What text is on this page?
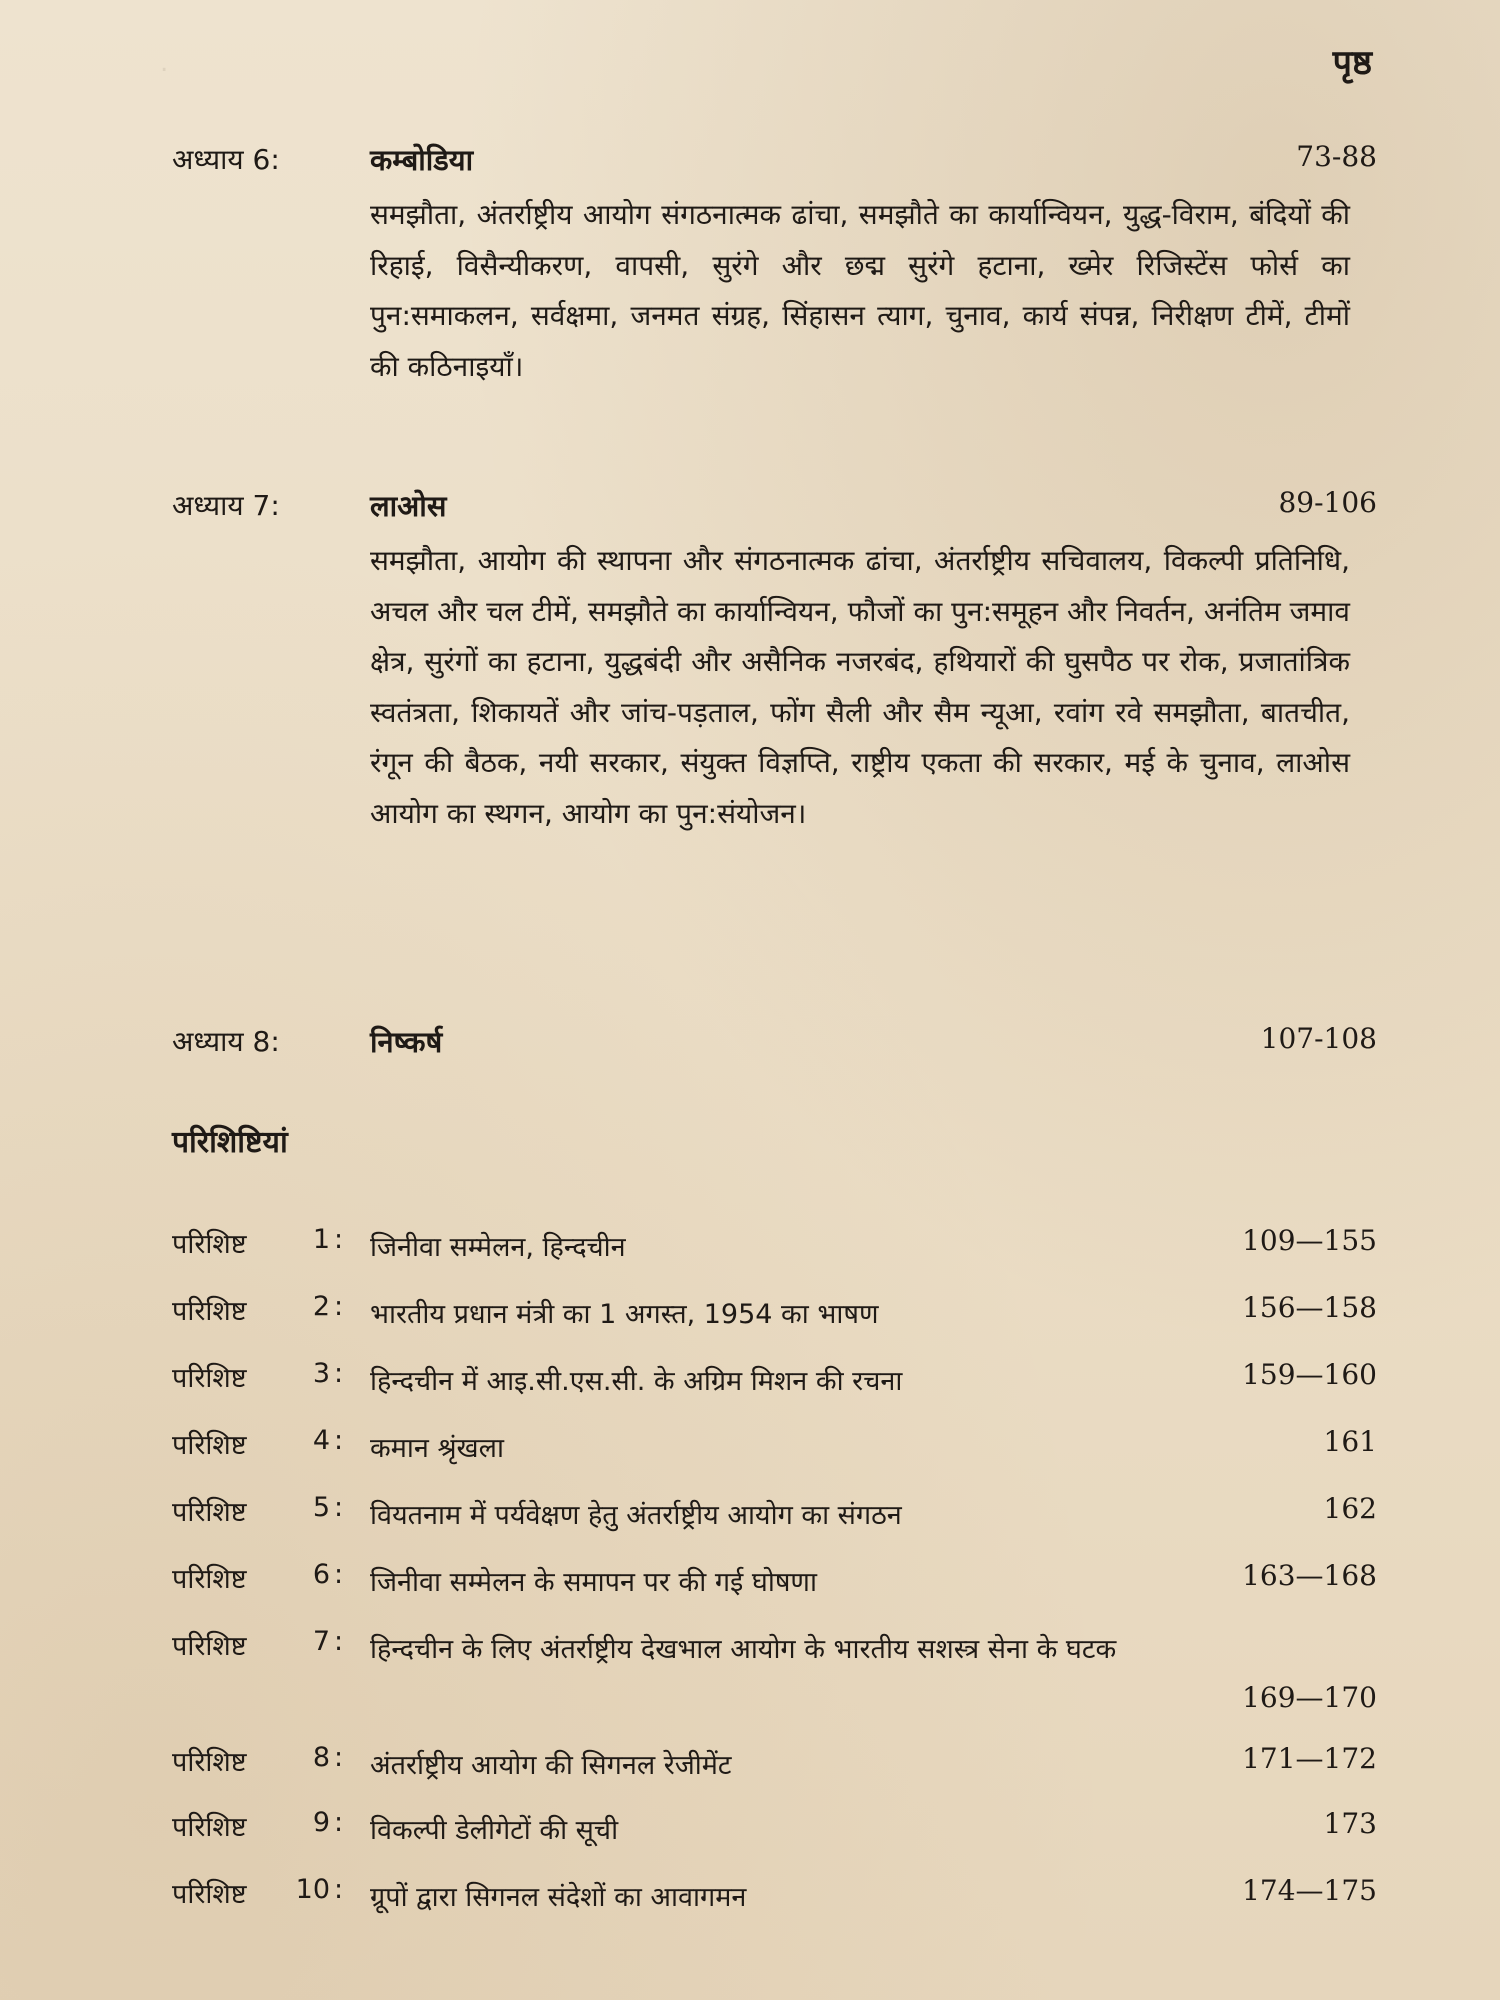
.	पृष्ठ
अध्याय 6:	कम्बोडिया	73-88
समझौता, अंतर्राष्ट्रीय आयोग संगठनात्मक ढांचा, समझौते का कार्यान्वियन, युद्ध-विराम, बंदियों की रिहाई, विसैन्यीकरण, वापसी, सुरंगे और छद्म सुरंगे हटाना, ख्मेर रिजिस्टेंस फोर्स का पुन:समाकलन, सर्वक्षमा, जनमत संग्रह, सिंहासन त्याग, चुनाव, कार्य संपन्न, निरीक्षण टीमें, टीमों की कठिनाइयाँ।
अध्याय 7:	लाओस	89-106
समझौता, आयोग की स्थापना और संगठनात्मक ढांचा, अंतर्राष्ट्रीय सचिवालय, विकल्पी प्रतिनिधि, अचल और चल टीमें, समझौते का कार्यान्वियन, फौजों का पुन:समूहन और निवर्तन, अनंतिम जमाव क्षेत्र, सुरंगों का हटाना, युद्धबंदी और असैनिक नजरबंद, हथियारों की घुसपैठ पर रोक, प्रजातांत्रिक स्वतंत्रता, शिकायतें और जांच-पड़ताल, फोंग सैली और सैम न्यूआ, रवांग रवे समझौता, बातचीत, रंगून की बैठक, नयी सरकार, संयुक्त विज्ञप्ति, राष्ट्रीय एकता की सरकार, मई के चुनाव, लाओस आयोग का स्थगन, आयोग का पुन:संयोजन।
अध्याय 8:	निष्कर्ष	107-108
परिशिष्टियां
परिशिष्ट	1 : जिनीवा सम्मेलन, हिन्दचीन	109—155
परिशिष्ट	2 : भारतीय प्रधान मंत्री का 1 अगस्त, 1954 का भाषण	156—158
परिशिष्ट	3 : हिन्दचीन में आइ.सी.एस.सी. के अग्रिम मिशन की रचना	159—160
परिशिष्ट	4 : कमान श्रृंखला	161
परिशिष्ट	5 : वियतनाम में पर्यवेक्षण हेतु अंतर्राष्ट्रीय आयोग का संगठन	162
परिशिष्ट	6 : जिनीवा सम्मेलन के समापन पर की गई घोषणा	163—168
परिशिष्ट	7 : हिन्दचीन के लिए अंतर्राष्ट्रीय देखभाल आयोग के भारतीय सशस्त्र सेना के घटक
169—170
परिशिष्ट	8 : अंतर्राष्ट्रीय आयोग की सिगनल रेजीमेंट	171—172
परिशिष्ट	9 : विकल्पी डेलीगेटों की सूची	173
परिशिष्ट	10 : ग्रूपों द्वारा सिगनल संदेशों का आवागमन	174—175
